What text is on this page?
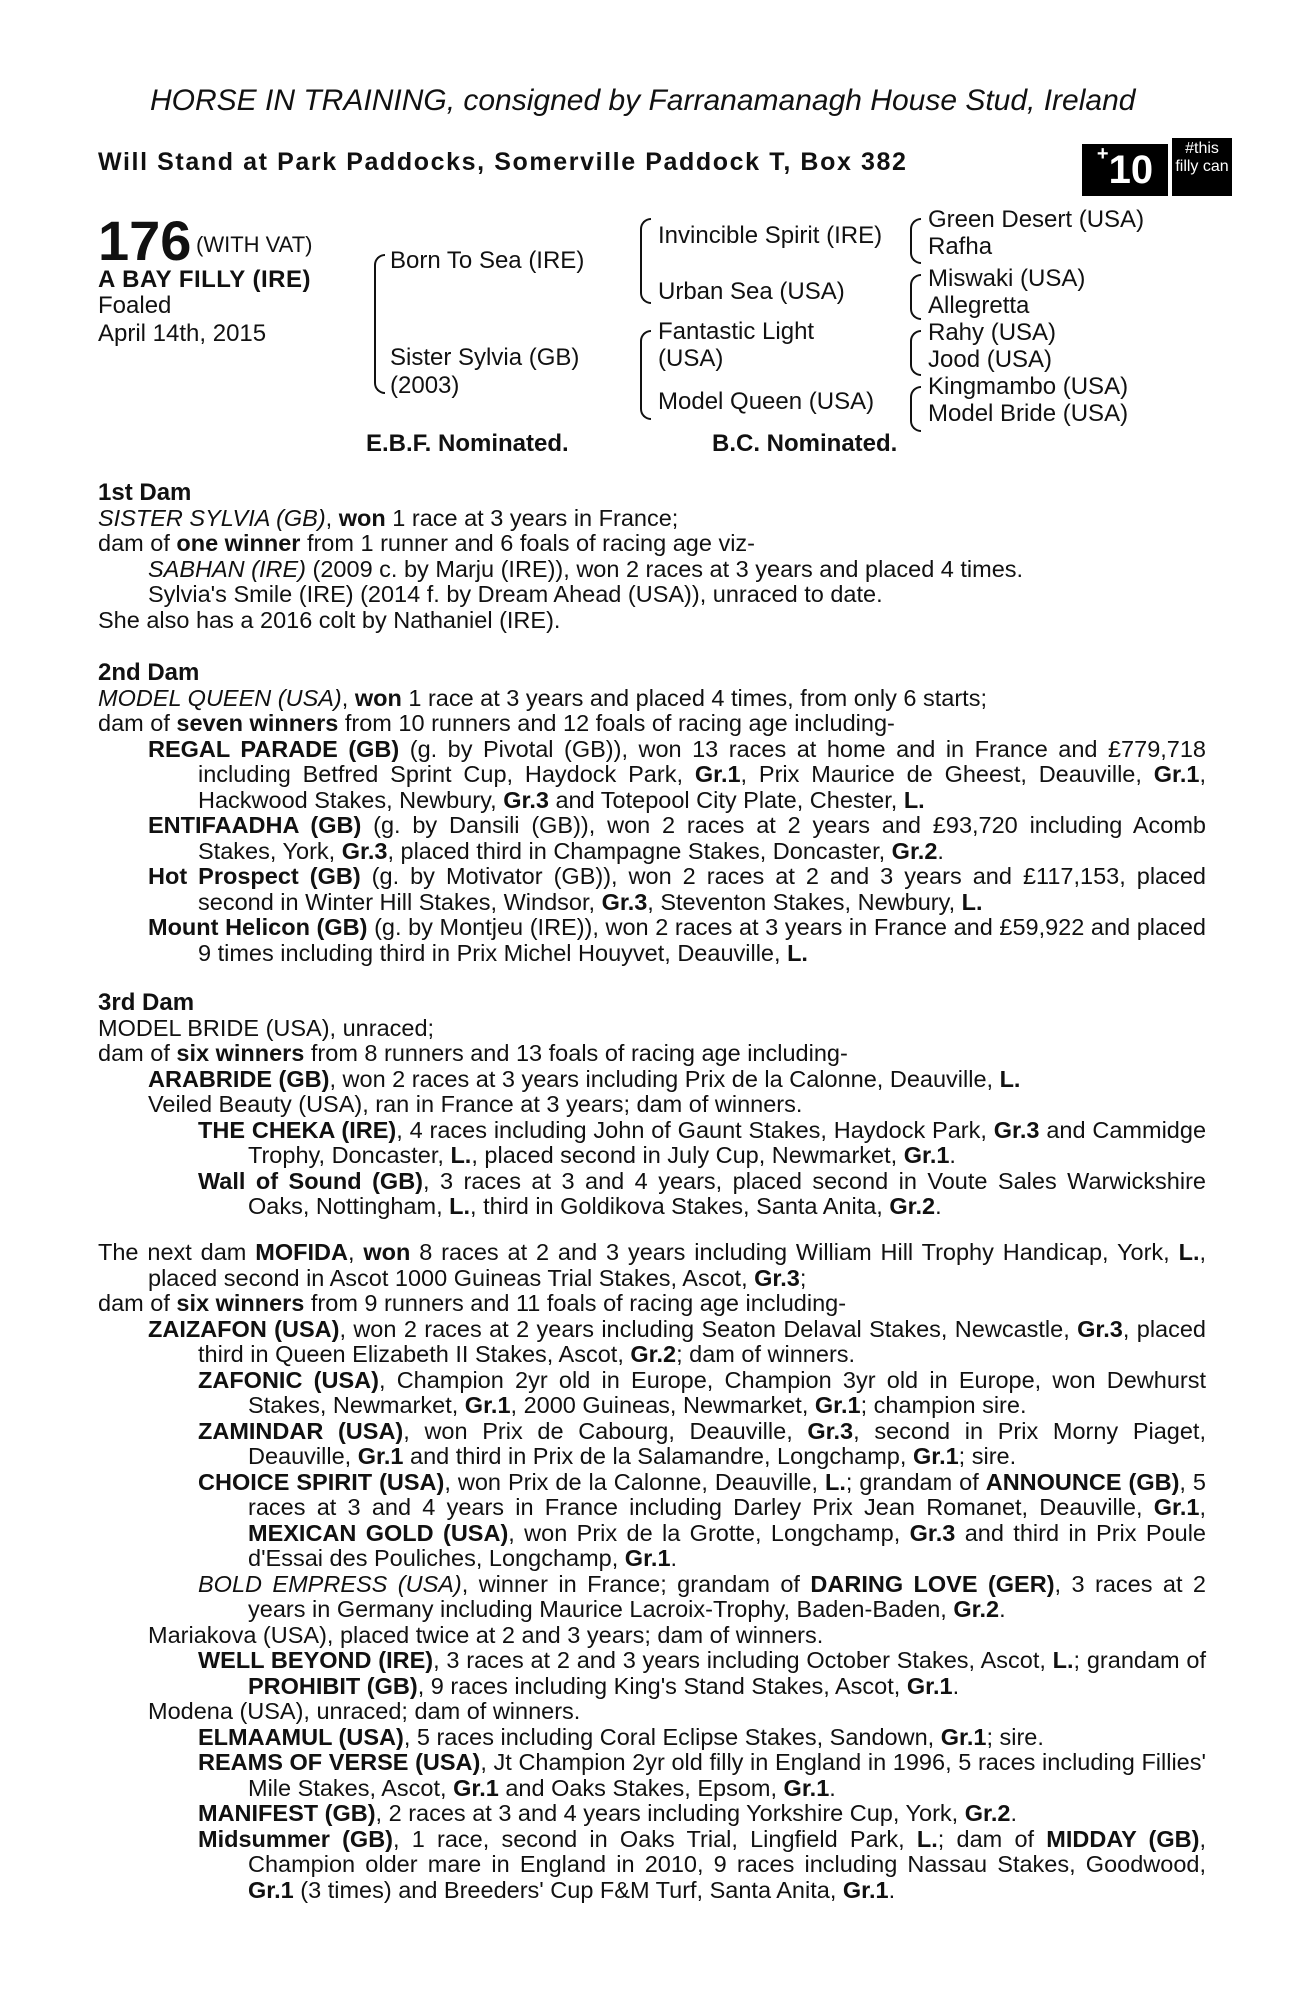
HORSE IN TRAINING, consigned by Farranamanagh House Stud, Ireland
Will Stand at Park Paddocks, Somerville Paddock T, Box 382	+10	#this filly can
176 (WITH VAT)
A BAY FILLY (IRE)
Foaled
April 14th, 2015
Born To Sea (IRE)
Sister Sylvia (GB)
(2003)
Invincible Spirit (IRE)
Urban Sea (USA)
Fantastic Light
(USA)
Model Queen (USA)
Green Desert (USA)
Rafha
Miswaki (USA)
Allegretta
Rahy (USA)
Jood (USA)
Kingmambo (USA)
Model Bride (USA)
E.B.F. Nominated.	B.C. Nominated.

1st Dam

SISTER SYLVIA (GB), won 1 race at 3 years in France;

dam of one winner from 1 runner and 6 foals of racing age viz-

SABHAN (IRE) (2009 c. by Marju (IRE)), won 2 races at 3 years and placed 4 times.

Sylvia's Smile (IRE) (2014 f. by Dream Ahead (USA)), unraced to date.

She also has a 2016 colt by Nathaniel (IRE).

2nd Dam

MODEL QUEEN (USA), won 1 race at 3 years and placed 4 times, from only 6 starts;

dam of seven winners from 10 runners and 12 foals of racing age including-

REGAL PARADE (GB) (g. by Pivotal (GB)), won 13 races at home and in France and £779,718 including Betfred Sprint Cup, Haydock Park, Gr.1, Prix Maurice de Gheest, Deauville, Gr.1, Hackwood Stakes, Newbury, Gr.3 and Totepool City Plate, Chester, L.

ENTIFAADHA (GB) (g. by Dansili (GB)), won 2 races at 2 years and £93,720 including Acomb Stakes, York, Gr.3, placed third in Champagne Stakes, Doncaster, Gr.2.

Hot Prospect (GB) (g. by Motivator (GB)), won 2 races at 2 and 3 years and £117,153, placed second in Winter Hill Stakes, Windsor, Gr.3, Steventon Stakes, Newbury, L.

Mount Helicon (GB) (g. by Montjeu (IRE)), won 2 races at 3 years in France and £59,922 and placed 9 times including third in Prix Michel Houyvet, Deauville, L.

3rd Dam

MODEL BRIDE (USA), unraced;

dam of six winners from 8 runners and 13 foals of racing age including-

ARABRIDE (GB), won 2 races at 3 years including Prix de la Calonne, Deauville, L.

Veiled Beauty (USA), ran in France at 3 years; dam of winners.

THE CHEKA (IRE), 4 races including John of Gaunt Stakes, Haydock Park, Gr.3 and Cammidge Trophy, Doncaster, L., placed second in July Cup, Newmarket, Gr.1.

Wall of Sound (GB), 3 races at 3 and 4 years, placed second in Voute Sales Warwickshire Oaks, Nottingham, L., third in Goldikova Stakes, Santa Anita, Gr.2.

The next dam MOFIDA, won 8 races at 2 and 3 years including William Hill Trophy Handicap, York, L., placed second in Ascot 1000 Guineas Trial Stakes, Ascot, Gr.3;

dam of six winners from 9 runners and 11 foals of racing age including-

ZAIZAFON (USA), won 2 races at 2 years including Seaton Delaval Stakes, Newcastle, Gr.3, placed third in Queen Elizabeth II Stakes, Ascot, Gr.2; dam of winners.

ZAFONIC (USA), Champion 2yr old in Europe, Champion 3yr old in Europe, won Dewhurst Stakes, Newmarket, Gr.1, 2000 Guineas, Newmarket, Gr.1; champion sire.

ZAMINDAR (USA), won Prix de Cabourg, Deauville, Gr.3, second in Prix Morny Piaget, Deauville, Gr.1 and third in Prix de la Salamandre, Longchamp, Gr.1; sire.

CHOICE SPIRIT (USA), won Prix de la Calonne, Deauville, L.; grandam of ANNOUNCE (GB), 5 races at 3 and 4 years in France including Darley Prix Jean Romanet, Deauville, Gr.1, MEXICAN GOLD (USA), won Prix de la Grotte, Longchamp, Gr.3 and third in Prix Poule d'Essai des Pouliches, Longchamp, Gr.1.

BOLD EMPRESS (USA), winner in France; grandam of DARING LOVE (GER), 3 races at 2 years in Germany including Maurice Lacroix-Trophy, Baden-Baden, Gr.2.

Mariakova (USA), placed twice at 2 and 3 years; dam of winners.

WELL BEYOND (IRE), 3 races at 2 and 3 years including October Stakes, Ascot, L.; grandam of PROHIBIT (GB), 9 races including King's Stand Stakes, Ascot, Gr.1.

Modena (USA), unraced; dam of winners.

ELMAAMUL (USA), 5 races including Coral Eclipse Stakes, Sandown, Gr.1; sire.

REAMS OF VERSE (USA), Jt Champion 2yr old filly in England in 1996, 5 races including Fillies' Mile Stakes, Ascot, Gr.1 and Oaks Stakes, Epsom, Gr.1.

MANIFEST (GB), 2 races at 3 and 4 years including Yorkshire Cup, York, Gr.2.

Midsummer (GB), 1 race, second in Oaks Trial, Lingfield Park, L.; dam of MIDDAY (GB), Champion older mare in England in 2010, 9 races including Nassau Stakes, Goodwood, Gr.1 (3 times) and Breeders' Cup F&M Turf, Santa Anita, Gr.1.
